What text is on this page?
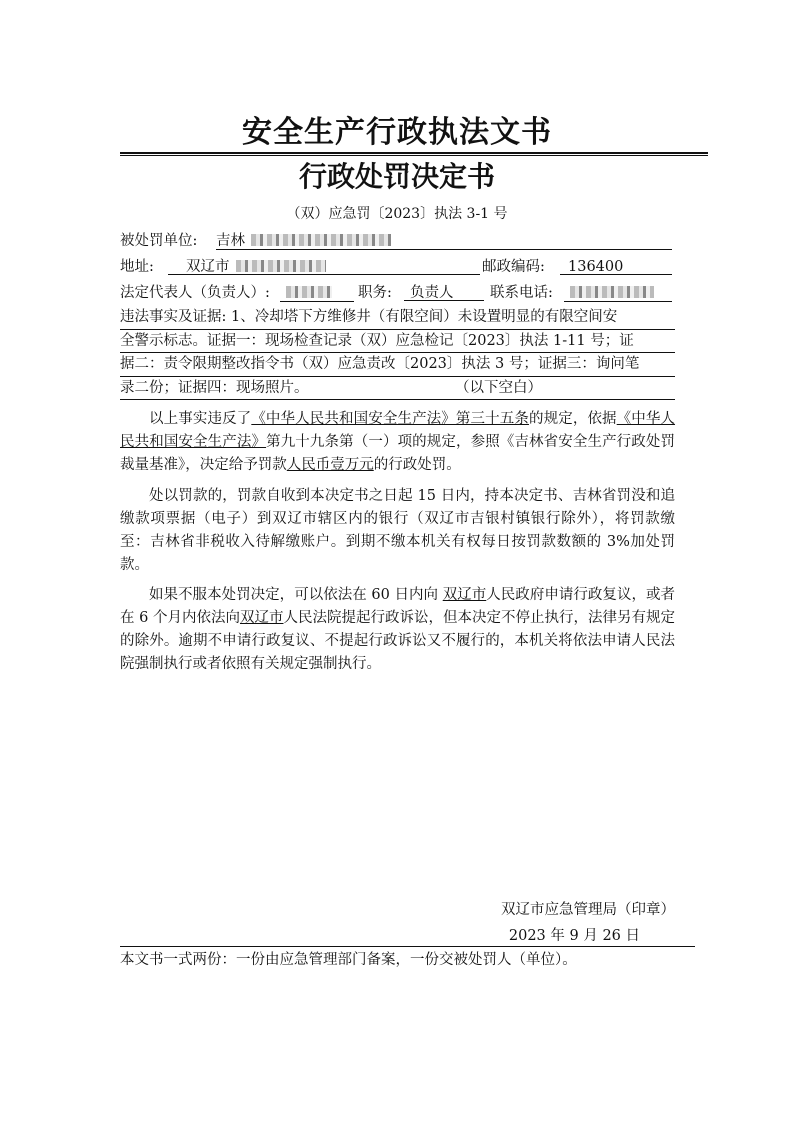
安全生产行政执法文书
行政处罚决定书
（双）应急罚〔2023〕执法 3-1 号
被处罚单位: 吉林
地址:	双辽市	邮政编码:	136400
法定代表人（负责人）:	职务:	负责人	联系电话:
违法事实及证据: 1、冷却塔下方维修井（有限空间）未设置明显的有限空间安
全警示标志。证据一：现场检查记录（双）应急检记〔2023〕执法 1-11 号；证
据二：责令限期整改指令书（双）应急责改〔2023〕执法 3 号；证据三：询问笔
录二份；证据四：现场照片。	（以下空白）
以上事实违反了《中华人民共和国安全生产法》第三十五条的规定，依据《中华人民共和国安全生产法》第九十九条第（一）项的规定，参照《吉林省安全生产行政处罚裁量基准》，决定给予罚款人民币壹万元的行政处罚。
处以罚款的，罚款自收到本决定书之日起 15 日内，持本决定书、吉林省罚没和追缴款项票据（电子）到双辽市辖区内的银行（双辽市吉银村镇银行除外），将罚款缴至：吉林省非税收入待解缴账户。到期不缴本机关有权每日按罚款数额的 3%加处罚款。
如果不服本处罚决定，可以依法在 60 日内向 双辽市人民政府申请行政复议，或者在 6 个月内依法向双辽市人民法院提起行政诉讼，但本决定不停止执行，法律另有规定的除外。逾期不申请行政复议、不提起行政诉讼又不履行的，本机关将依法申请人民法院强制执行或者依照有关规定强制执行。
双辽市应急管理局（印章）
2023 年 9 月 26 日
本文书一式两份：一份由应急管理部门备案，一份交被处罚人（单位）。
